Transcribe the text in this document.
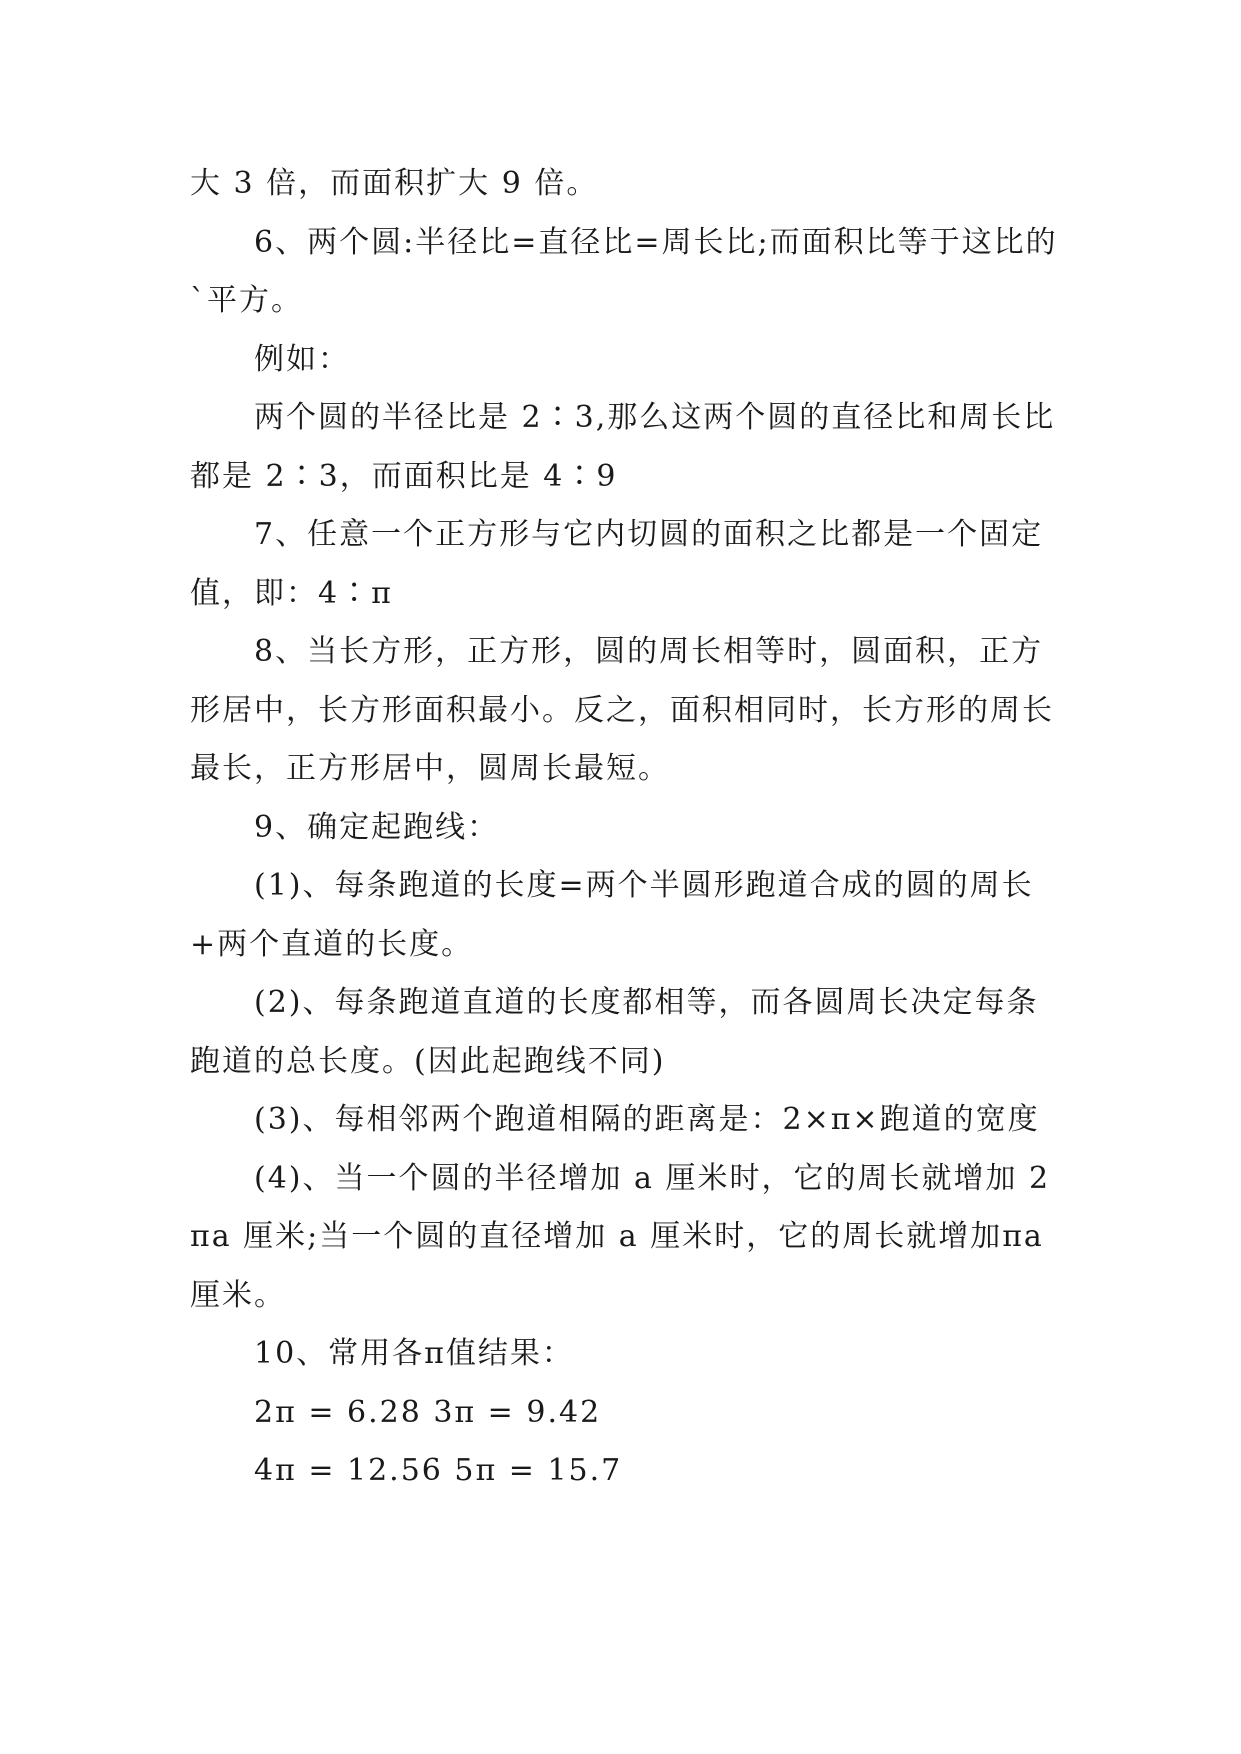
大 3 倍，而面积扩大 9 倍。

6、两个圆:半径比=直径比=周长比;而面积比等于这比的`平方。

例如：

两个圆的半径比是 2∶3,那么这两个圆的直径比和周长比都是 2∶3，而面积比是 4∶9

7、任意一个正方形与它内切圆的面积之比都是一个固定值，即：4∶π

8、当长方形，正方形，圆的周长相等时，圆面积，正方形居中，长方形面积最小。反之，面积相同时，长方形的周长最长，正方形居中，圆周长最短。

9、确定起跑线：

(1)、每条跑道的长度=两个半圆形跑道合成的圆的周长+两个直道的长度。

(2)、每条跑道直道的长度都相等，而各圆周长决定每条跑道的总长度。(因此起跑线不同)

(3)、每相邻两个跑道相隔的距离是：2×π×跑道的宽度

(4)、当一个圆的半径增加 a 厘米时，它的周长就增加 2πa 厘米;当一个圆的直径增加 a 厘米时，它的周长就增加πa 厘米。

10、常用各π值结果：

2π = 6.28 3π = 9.42

4π = 12.56 5π = 15.7
